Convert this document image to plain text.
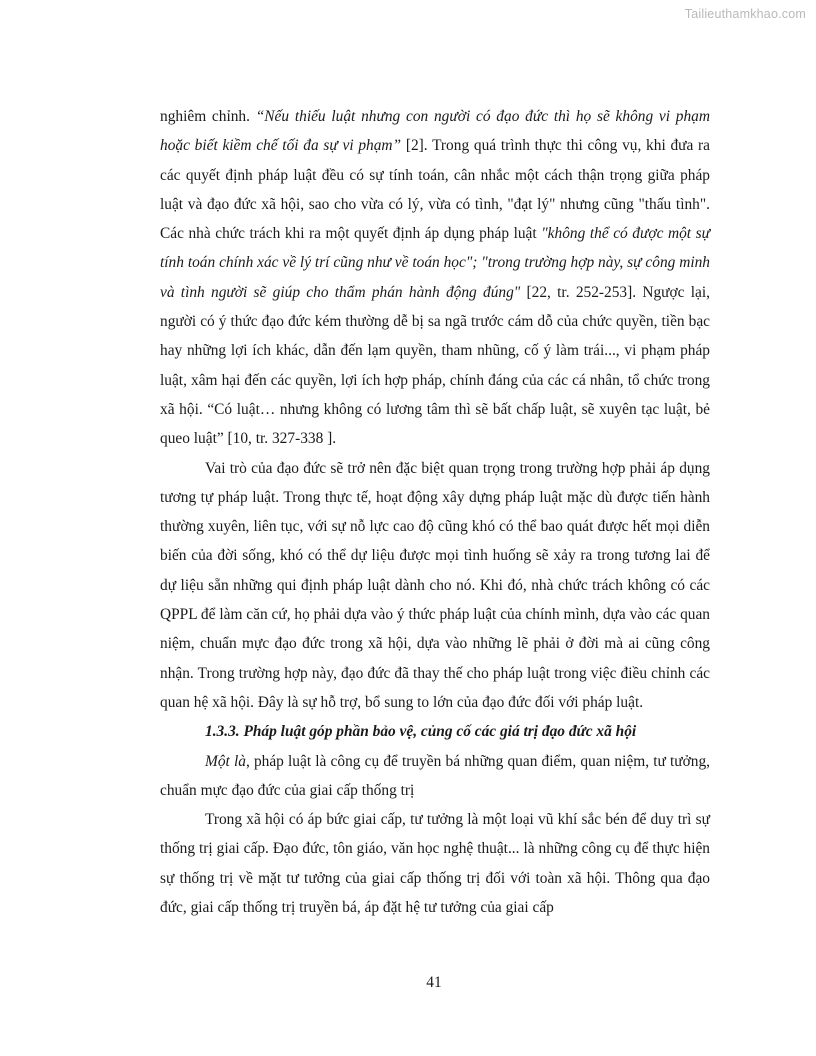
Tailieuthamkhao.com

nghiêm chỉnh. “Nếu thiếu luật nhưng con người có đạo đức thì họ sẽ không vi phạm hoặc biết kiềm chế tối đa sự vi phạm” [2]. Trong quá trình thực thi công vụ, khi đưa ra các quyết định pháp luật đều có sự tính toán, cân nhắc một cách thận trọng giữa pháp luật và đạo đức xã hội, sao cho vừa có lý, vừa có tình, "đạt lý" nhưng cũng "thấu tình". Các nhà chức trách khi ra một quyết định áp dụng pháp luật "không thể có được một sự tính toán chính xác về lý trí cũng như về toán học"; "trong trường hợp này, sự công minh và tình người sẽ giúp cho thẩm phán hành động đúng" [22, tr. 252-253]. Ngược lại, người có ý thức đạo đức kém thường dễ bị sa ngã trước cám dỗ của chức quyền, tiền bạc hay những lợi ích khác, dẫn đến lạm quyền, tham nhũng, cố ý làm trái..., vi phạm pháp luật, xâm hại đến các quyền, lợi ích hợp pháp, chính đáng của các cá nhân, tổ chức trong xã hội. “Có luật… nhưng không có lương tâm thì sẽ bất chấp luật, sẽ xuyên tạc luật, bẻ queo luật” [10, tr. 327-338 ].

Vai trò của đạo đức sẽ trở nên đặc biệt quan trọng trong trường hợp phải áp dụng tương tự pháp luật. Trong thực tế, hoạt động xây dựng pháp luật mặc dù được tiến hành thường xuyên, liên tục, với sự nỗ lực cao độ cũng khó có thể bao quát được hết mọi diễn biến của đời sống, khó có thể dự liệu được mọi tình huống sẽ xảy ra trong tương lai để dự liệu sẵn những qui định pháp luật dành cho nó. Khi đó, nhà chức trách không có các QPPL để làm căn cứ, họ phải dựa vào ý thức pháp luật của chính mình, dựa vào các quan niệm, chuẩn mực đạo đức trong xã hội, dựa vào những lẽ phải ở đời mà ai cũng công nhận. Trong trường hợp này, đạo đức đã thay thế cho pháp luật trong việc điều chỉnh các quan hệ xã hội. Đây là sự hỗ trợ, bổ sung to lớn của đạo đức đối với pháp luật.

1.3.3. Pháp luật góp phần bảo vệ, củng cố các giá trị đạo đức xã hội

Một là, pháp luật là công cụ để truyền bá những quan điểm, quan niệm, tư tưởng, chuẩn mực đạo đức của giai cấp thống trị

Trong xã hội có áp bức giai cấp, tư tưởng là một loại vũ khí sắc bén để duy trì sự thống trị giai cấp. Đạo đức, tôn giáo, văn học nghệ thuật... là những công cụ để thực hiện sự thống trị về mặt tư tưởng của giai cấp thống trị đối với toàn xã hội. Thông qua đạo đức, giai cấp thống trị truyền bá, áp đặt hệ tư tưởng của giai cấp

41
